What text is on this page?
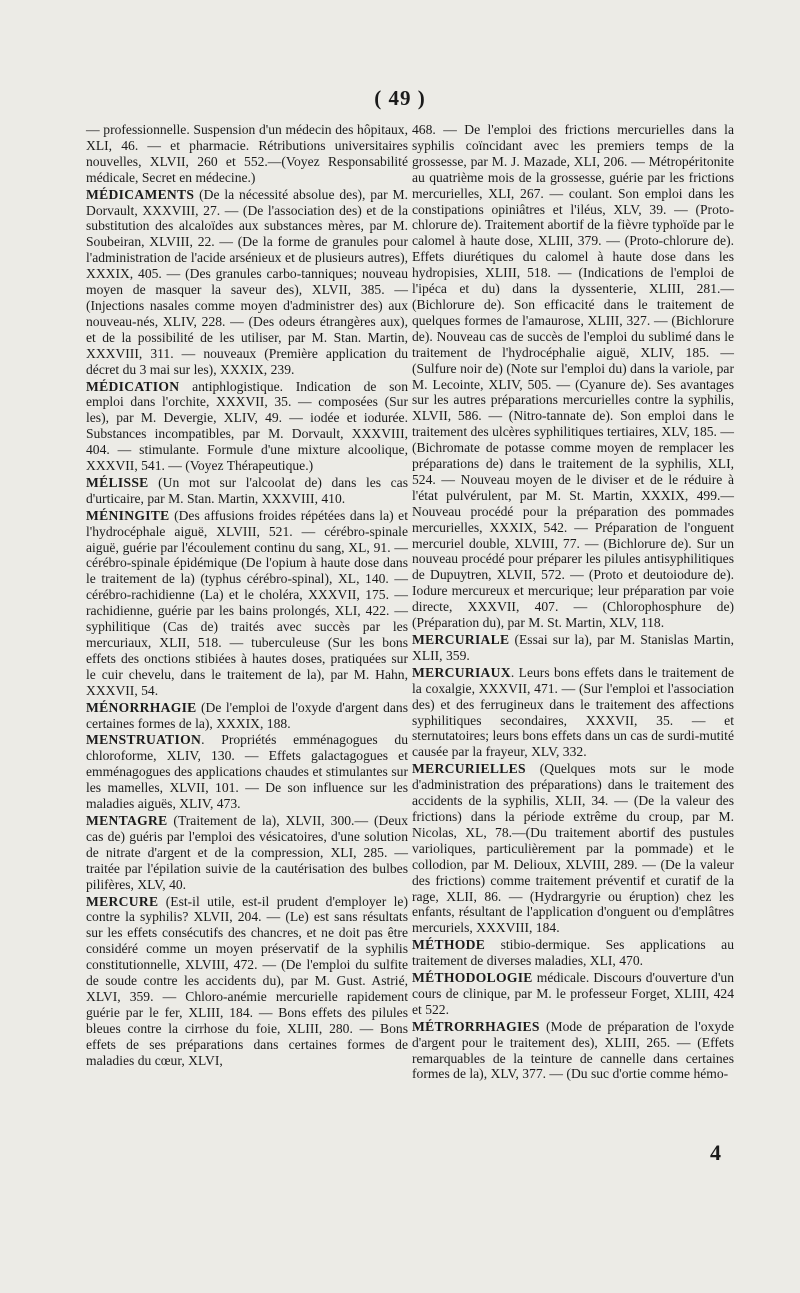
( 49 )

— professionnelle. Suspension d'un médecin des hôpitaux, XLI, 46. — et pharmacie. Rétributions universitaires nouvelles, XLVII, 260 et 552.—(Voyez Responsabilité médicale, Secret en médecine.)

MÉDICAMENTS (De la nécessité absolue des), par M. Dorvault, XXXVIII, 27. — (De l'association des) et de la substitution des alcaloïdes aux substances mères, par M. Soubeiran, XLVIII, 22. — (De la forme de granules pour l'administration de l'acide arsénieux et de plusieurs autres), XXXIX, 405. — (Des granules carbo-tanniques; nouveau moyen de masquer la saveur des), XLVII, 385. — (Injections nasales comme moyen d'administrer des) aux nouveau-nés, XLIV, 228. — (Des odeurs étrangères aux), et de la possibilité de les utiliser, par M. Stan. Martin, XXXVIII, 311. — nouveaux (Première application du décret du 3 mai sur les), XXXIX, 239.

MÉDICATION antiphlogistique. Indication de son emploi dans l'orchite, XXXVII, 35. — composées (Sur les), par M. Devergie, XLIV, 49. — iodée et iodurée. Substances incompatibles, par M. Dorvault, XXXVIII, 404. — stimulante. Formule d'une mixture alcoolique, XXXVII, 541. — (Voyez Thérapeutique.)

MÉLISSE (Un mot sur l'alcoolat de) dans les cas d'urticaire, par M. Stan. Martin, XXXVIII, 410.

MÉNINGITE (Des affusions froides répétées dans la) et l'hydrocéphale aiguë, XLVIII, 521. — cérébro-spinale aiguë, guérie par l'écoulement continu du sang, XL, 91. — cérébro-spinale épidémique (De l'opium à haute dose dans le traitement de la) (typhus cérébro-spinal), XL, 140. — cérébro-rachidienne (La) et le choléra, XXXVII, 175. — rachidienne, guérie par les bains prolongés, XLI, 422. — syphilitique (Cas de) traités avec succès par les mercuriaux, XLII, 518. — tuberculeuse (Sur les bons effets des onctions stibiées à hautes doses, pratiquées sur le cuir chevelu, dans le traitement de la), par M. Hahn, XXXVII, 54.

MÉNORRHAGIE (De l'emploi de l'oxyde d'argent dans certaines formes de la), XXXIX, 188.

MENSTRUATION. Propriétés emménagogues du chloroforme, XLIV, 130. — Effets galactagogues et emménagogues des applications chaudes et stimulantes sur les mamelles, XLVII, 101. — De son influence sur les maladies aiguës, XLIV, 473.

MENTAGRE (Traitement de la), XLVII, 300.— (Deux cas de) guéris par l'emploi des vésicatoires, d'une solution de nitrate d'argent et de la compression, XLI, 285. — traitée par l'épilation suivie de la cautérisation des bulbes pilifères, XLV, 40.

MERCURE (Est-il utile, est-il prudent d'employer le) contre la syphilis? XLVII, 204. — (Le) est sans résultats sur les effets consécutifs des chancres, et ne doit pas être considéré comme un moyen préservatif de la syphilis constitutionnelle, XLVIII, 472. — (De l'emploi du sulfite de soude contre les accidents du), par M. Gust. Astrié, XLVI, 359. — Chloro-anémie mercurielle rapidement guérie par le fer, XLIII, 184. — Bons effets des pilules bleues contre la cirrhose du foie, XLIII, 280. — Bons effets de ses préparations dans certaines formes de maladies du cœur, XLVI,

468. — De l'emploi des frictions mercurielles dans la syphilis coïncidant avec les premiers temps de la grossesse, par M. J. Mazade, XLI, 206. — Métropéritonite au quatrième mois de la grossesse, guérie par les frictions mercurielles, XLI, 267. — coulant. Son emploi dans les constipations opiniâtres et l'iléus, XLV, 39. — (Proto-chlorure de). Traitement abortif de la fièvre typhoïde par le calomel à haute dose, XLIII, 379. — (Proto-chlorure de). Effets diurétiques du calomel à haute dose dans les hydropisies, XLIII, 518. — (Indications de l'emploi de l'ipéca et du) dans la dyssenterie, XLIII, 281.— (Bichlorure de). Son efficacité dans le traitement de quelques formes de l'amaurose, XLIII, 327. — (Bichlorure de). Nouveau cas de succès de l'emploi du sublimé dans le traitement de l'hydrocéphalie aiguë, XLIV, 185. — (Sulfure noir de) (Note sur l'emploi du) dans la variole, par M. Lecointe, XLIV, 505. — (Cyanure de). Ses avantages sur les autres préparations mercurielles contre la syphilis, XLVII, 586. — (Nitro-tannate de). Son emploi dans le traitement des ulcères syphilitiques tertiaires, XLV, 185. — (Bichromate de potasse comme moyen de remplacer les préparations de) dans le traitement de la syphilis, XLI, 524. — Nouveau moyen de le diviser et de le réduire à l'état pulvérulent, par M. St. Martin, XXXIX, 499.— Nouveau procédé pour la préparation des pommades mercurielles, XXXIX, 542. — Préparation de l'onguent mercuriel double, XLVIII, 77. — (Bichlorure de). Sur un nouveau procédé pour préparer les pilules antisyphilitiques de Dupuytren, XLVII, 572. — (Proto et deutoiodure de). Iodure mercureux et mercurique; leur préparation par voie directe, XXXVII, 407. — (Chlorophosphure de) (Préparation du), par M. St. Martin, XLV, 118.

MERCURIALE (Essai sur la), par M. Stanislas Martin, XLII, 359.

MERCURIAUX. Leurs bons effets dans le traitement de la coxalgie, XXXVII, 471. — (Sur l'emploi et l'association des) et des ferrugineux dans le traitement des affections syphilitiques secondaires, XXXVII, 35. — et sternutatoires; leurs bons effets dans un cas de surdi-mutité causée par la frayeur, XLV, 332.

MERCURIELLES (Quelques mots sur le mode d'administration des préparations) dans le traitement des accidents de la syphilis, XLII, 34. — (De la valeur des frictions) dans la période extrême du croup, par M. Nicolas, XL, 78.—(Du traitement abortif des pustules varioliques, particulièrement par la pommade) et le collodion, par M. Delioux, XLVIII, 289. — (De la valeur des frictions) comme traitement préventif et curatif de la rage, XLII, 86. — (Hydrargyrie ou éruption) chez les enfants, résultant de l'application d'onguent ou d'emplâtres mercuriels, XXXVIII, 184.

MÉTHODE stibio-dermique. Ses applications au traitement de diverses maladies, XLI, 470.

MÉTHODOLOGIE médicale. Discours d'ouverture d'un cours de clinique, par M. le professeur Forget, XLIII, 424 et 522.

MÉTRORRHAGIES (Mode de préparation de l'oxyde d'argent pour le traitement des), XLIII, 265. — (Effets remarquables de la teinture de cannelle dans certaines formes de la), XLV, 377. — (Du suc d'ortie comme hémo-

4
